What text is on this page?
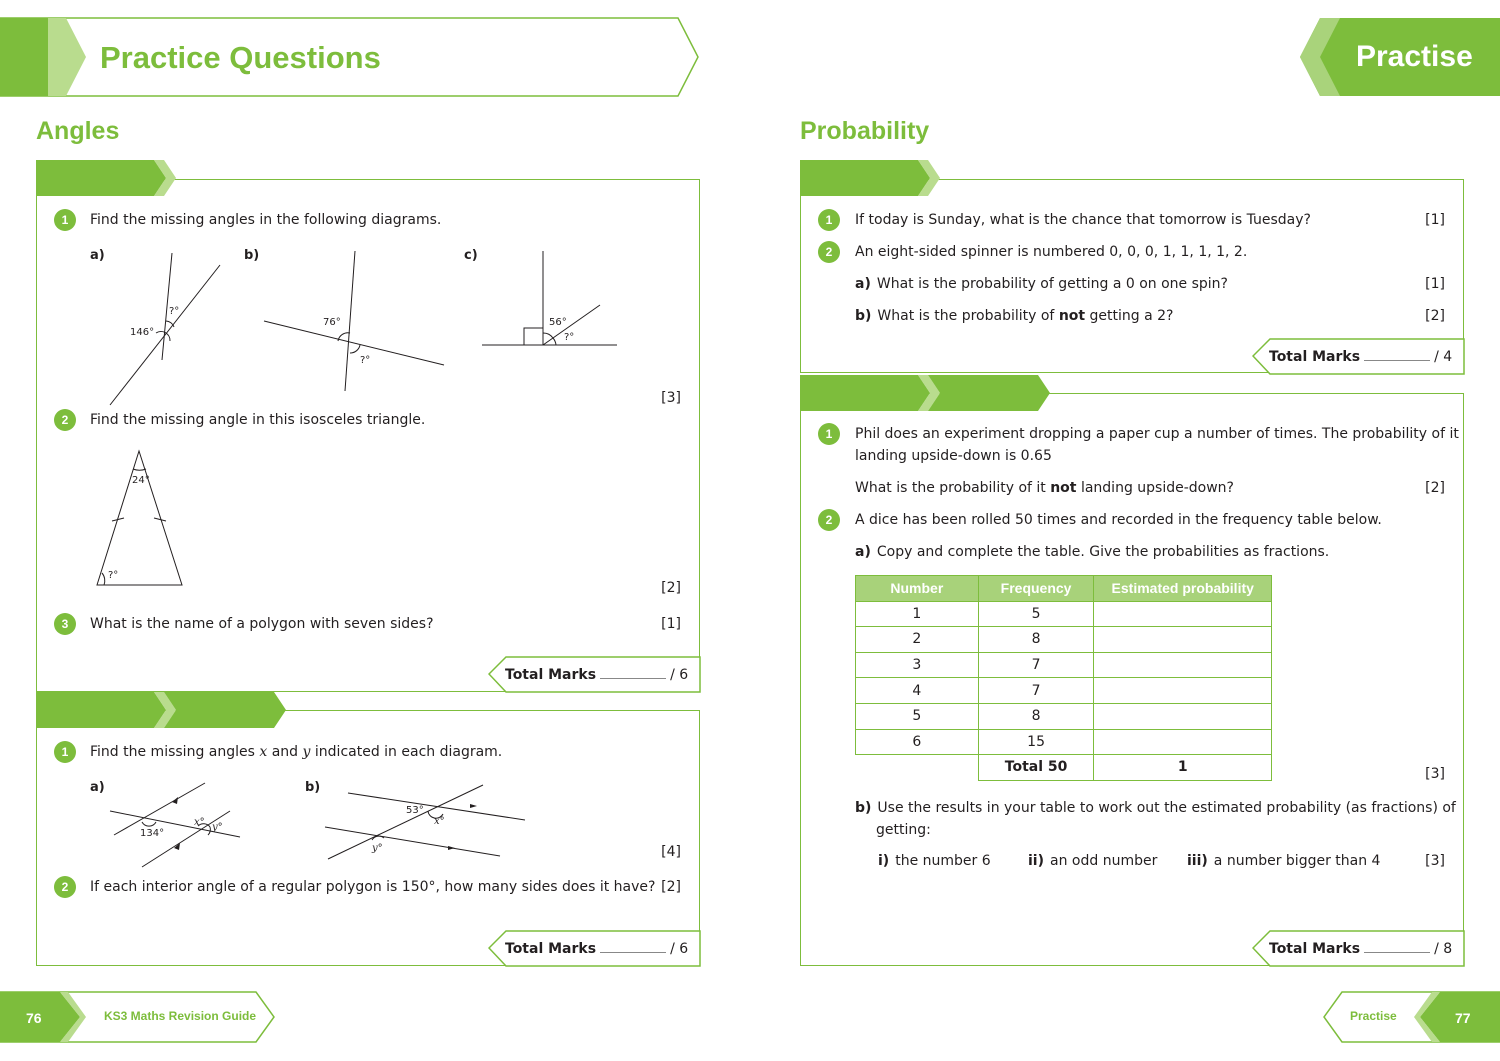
Practice Questions	Practise
Angles
1	Find the missing angles in the following diagrams.
a)	b)	c)
146°
?°
76°
?°
56°
?°
[3]
2	Find the missing angle in this isosceles triangle.
24°
?°
[2]
3	What is the name of a polygon with seven sides?	[1]
Total Marks	/ 6
1	Find the missing angles x and y indicated in each diagram.
a)	b)
134°
x° y°
53°
x°
y°	[4]
2	If each interior angle of a regular polygon is 150°, how many sides does it have? [2]
Total Marks	/ 6
Probability
1	If today is Sunday, what is the chance that tomorrow is Tuesday?	[1]
2	An eight-sided spinner is numbered 0, 0, 0, 1, 1, 1, 1, 2.
a) What is the probability of getting a 0 on one spin?	[1]
b) What is the probability of not getting a 2?	[2]
Total Marks	/ 4
1	Phil does an experiment dropping a paper cup a number of times. The probability of it
landing upside-down is 0.65
What is the probability of it not landing upside-down?	[2]
2	A dice has been rolled 50 times and recorded in the frequency table below.
a) Copy and complete the table. Give the probabilities as fractions.
Number	Frequency	Estimated probability
1	5	
2	8	
3	7	
4	7	
5	8	
6	15	
	Total 50	1	[3]
b) Use the results in your table to work out the estimated probability (as fractions) of
getting:
i) the number 6	ii) an odd number iii) a number bigger than 4	[3]
Total Marks	/ 8
76	KS3 Maths Revision Guide	Practise	77
